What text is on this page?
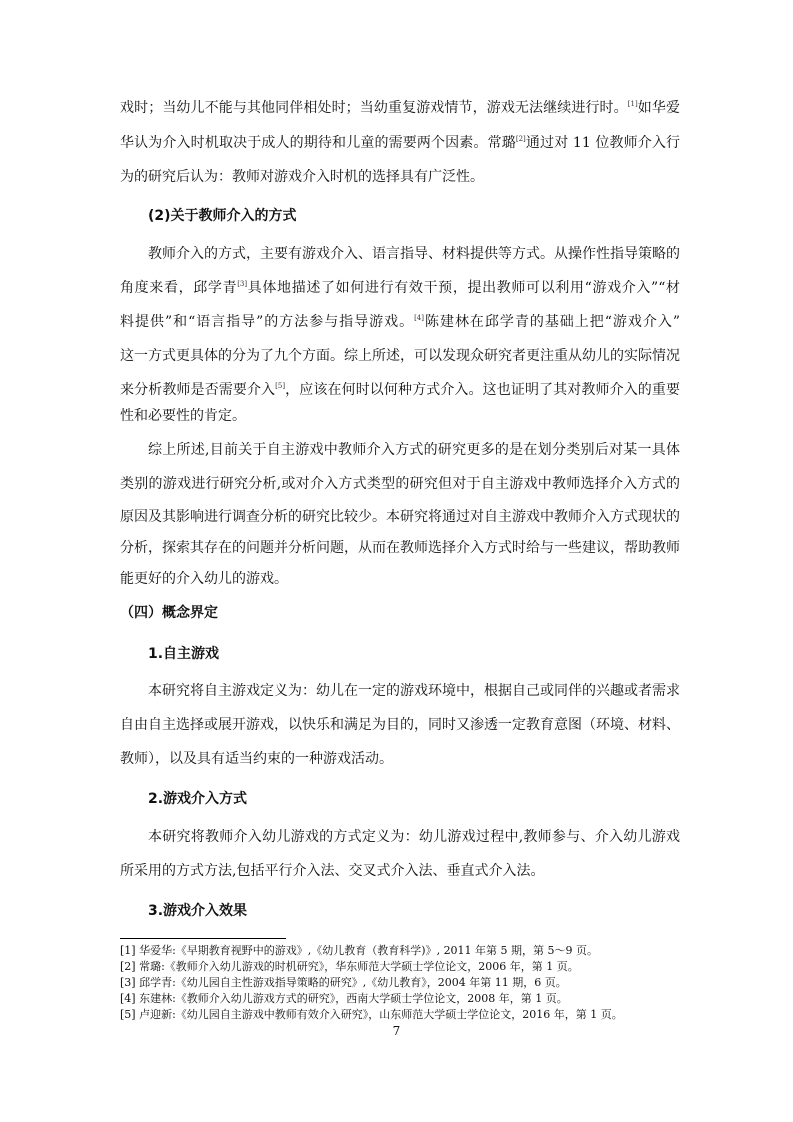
戏时；当幼儿不能与其他同伴相处时；当幼重复游戏情节，游戏无法继续进行时。[1]如华爱
华认为介入时机取决于成人的期待和儿童的需要两个因素。常璐[2]通过对 11 位教师介入行
为的研究后认为：教师对游戏介入时机的选择具有广泛性。
(2)关于教师介入的方式
教师介入的方式，主要有游戏介入、语言指导、材料提供等方式。从操作性指导策略的
角度来看，邱学青[3]具体地描述了如何进行有效干预，提出教师可以利用“游戏介入”“材
料提供”和“语言指导”的方法参与指导游戏。[4]陈建林在邱学青的基础上把“游戏介入”
这一方式更具体的分为了九个方面。综上所述，可以发现众研究者更注重从幼儿的实际情况
来分析教师是否需要介入[5]，应该在何时以何种方式介入。这也证明了其对教师介入的重要
性和必要性的肯定。
综上所述,目前关于自主游戏中教师介入方式的研究更多的是在划分类别后对某一具体
类别的游戏进行研究分析,或对介入方式类型的研究但对于自主游戏中教师选择介入方式的
原因及其影响进行调查分析的研究比较少。本研究将通过对自主游戏中教师介入方式现状的
分析，探索其存在的问题并分析问题，从而在教师选择介入方式时给与一些建议，帮助教师
能更好的介入幼儿的游戏。
（四）概念界定
1.自主游戏
本研究将自主游戏定义为：幼儿在一定的游戏环境中，根据自己或同伴的兴趣或者需求
自由自主选择或展开游戏，以快乐和满足为目的，同时又渗透一定教育意图（环境、材料、
教师），以及具有适当约束的一种游戏活动。
2.游戏介入方式
本研究将教师介入幼儿游戏的方式定义为：幼儿游戏过程中,教师参与、介入幼儿游戏
所采用的方式方法,包括平行介入法、交叉式介入法、垂直式介入法。
3.游戏介入效果
[1] 华爱华:《早期教育视野中的游戏》,《幼儿教育（教育科学)》, 2011 年第 5 期，第 5～9 页。
[2] 常璐:《教师介入幼儿游戏的时机研究》，华东师范大学硕士学位论文，2006 年，第 1 页。
[3] 邱学青:《幼儿园自主性游戏指导策略的研究》,《幼儿教育》，2004 年第 11 期，6 页。
[4] 东建林:《教师介入幼儿游戏方式的研究》，西南大学硕士学位论文，2008 年，第 1 页。
[5] 卢迎新:《幼儿园自主游戏中教师有效介入研究》，山东师范大学硕士学位论文，2016 年，第 1 页。
7
